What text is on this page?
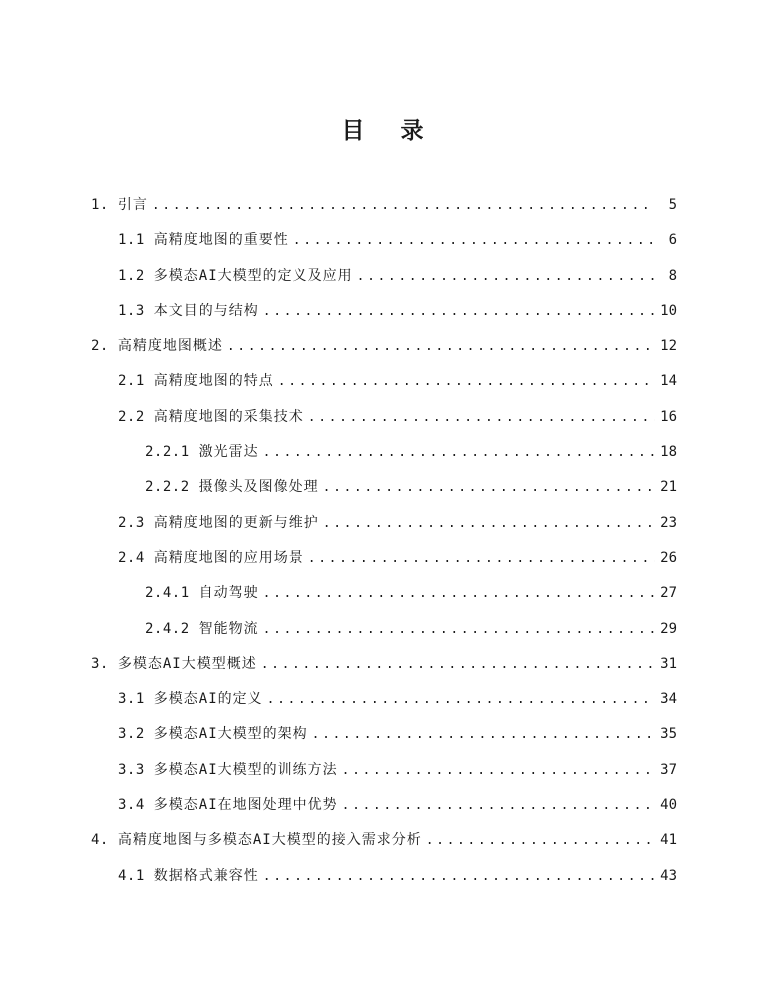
目录
1. 引言 .....	5
1.1 高精度地图的重要性 .....	6
1.2 多模态AI大模型的定义及应用 .....	8
1.3 本文目的与结构 .....	10
2. 高精度地图概述 .....	12
2.1 高精度地图的特点 .....	14
2.2 高精度地图的采集技术 .....	16
2.2.1 激光雷达 .....	18
2.2.2 摄像头及图像处理 .....	21
2.3 高精度地图的更新与维护 .....	23
2.4 高精度地图的应用场景 .....	26
2.4.1 自动驾驶 .....	27
2.4.2 智能物流 .....	29
3. 多模态AI大模型概述 .....	31
3.1 多模态AI的定义 .....	34
3.2 多模态AI大模型的架构 .....	35
3.3 多模态AI大模型的训练方法 .....	37
3.4 多模态AI在地图处理中优势 .....	40
4. 高精度地图与多模态AI大模型的接入需求分析 .....	41
4.1 数据格式兼容性 .....	43
